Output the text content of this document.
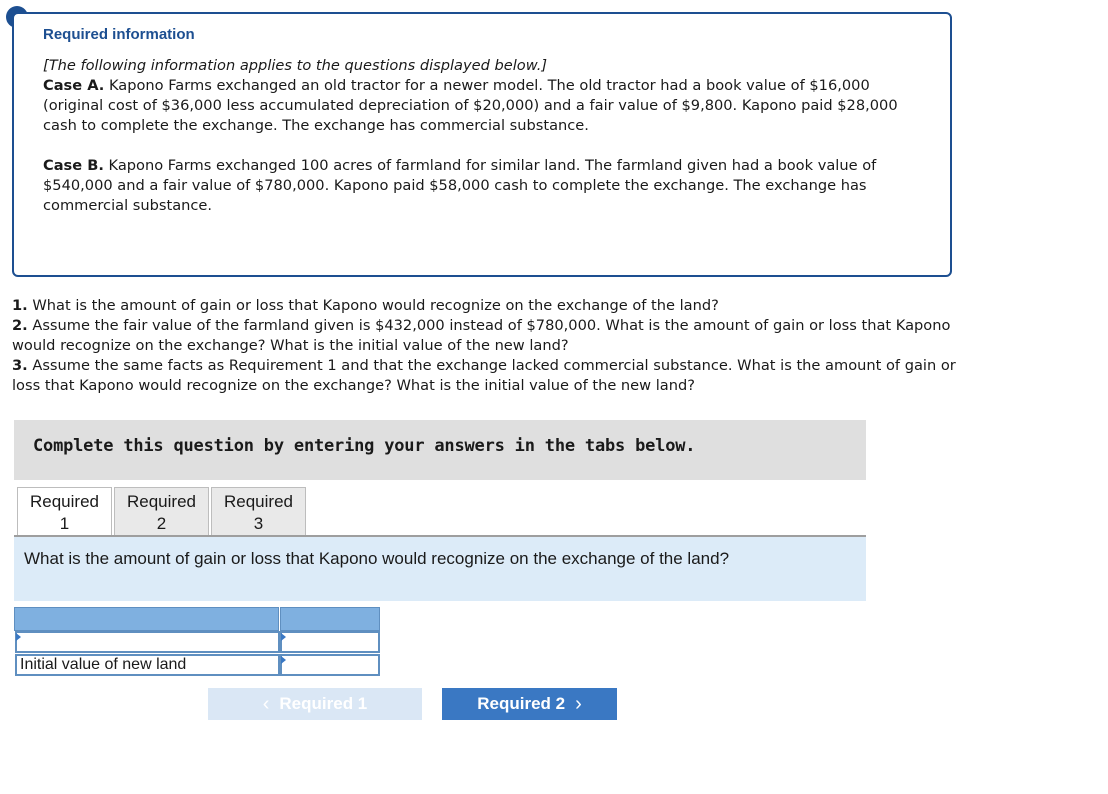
Required information

[The following information applies to the questions displayed below.]

Case A. Kapono Farms exchanged an old tractor for a newer model. The old tractor had a book value of $16,000 (original cost of $36,000 less accumulated depreciation of $20,000) and a fair value of $9,800. Kapono paid $28,000 cash to complete the exchange. The exchange has commercial substance.

Case B. Kapono Farms exchanged 100 acres of farmland for similar land. The farmland given had a book value of $540,000 and a fair value of $780,000. Kapono paid $58,000 cash to complete the exchange. The exchange has commercial substance.

1. What is the amount of gain or loss that Kapono would recognize on the exchange of the land?

2. Assume the fair value of the farmland given is $432,000 instead of $780,000. What is the amount of gain or loss that Kapono would recognize on the exchange? What is the initial value of the new land?

3. Assume the same facts as Requirement 1 and that the exchange lacked commercial substance. What is the amount of gain or loss that Kapono would recognize on the exchange? What is the initial value of the new land?

Complete this question by entering your answers in the tabs below.
Required
1
Required
2
Required
3
What is the amount of gain or loss that Kapono would recognize on the exchange of the land?
Initial value of new land
‹ Required 1	Required 2 ›
